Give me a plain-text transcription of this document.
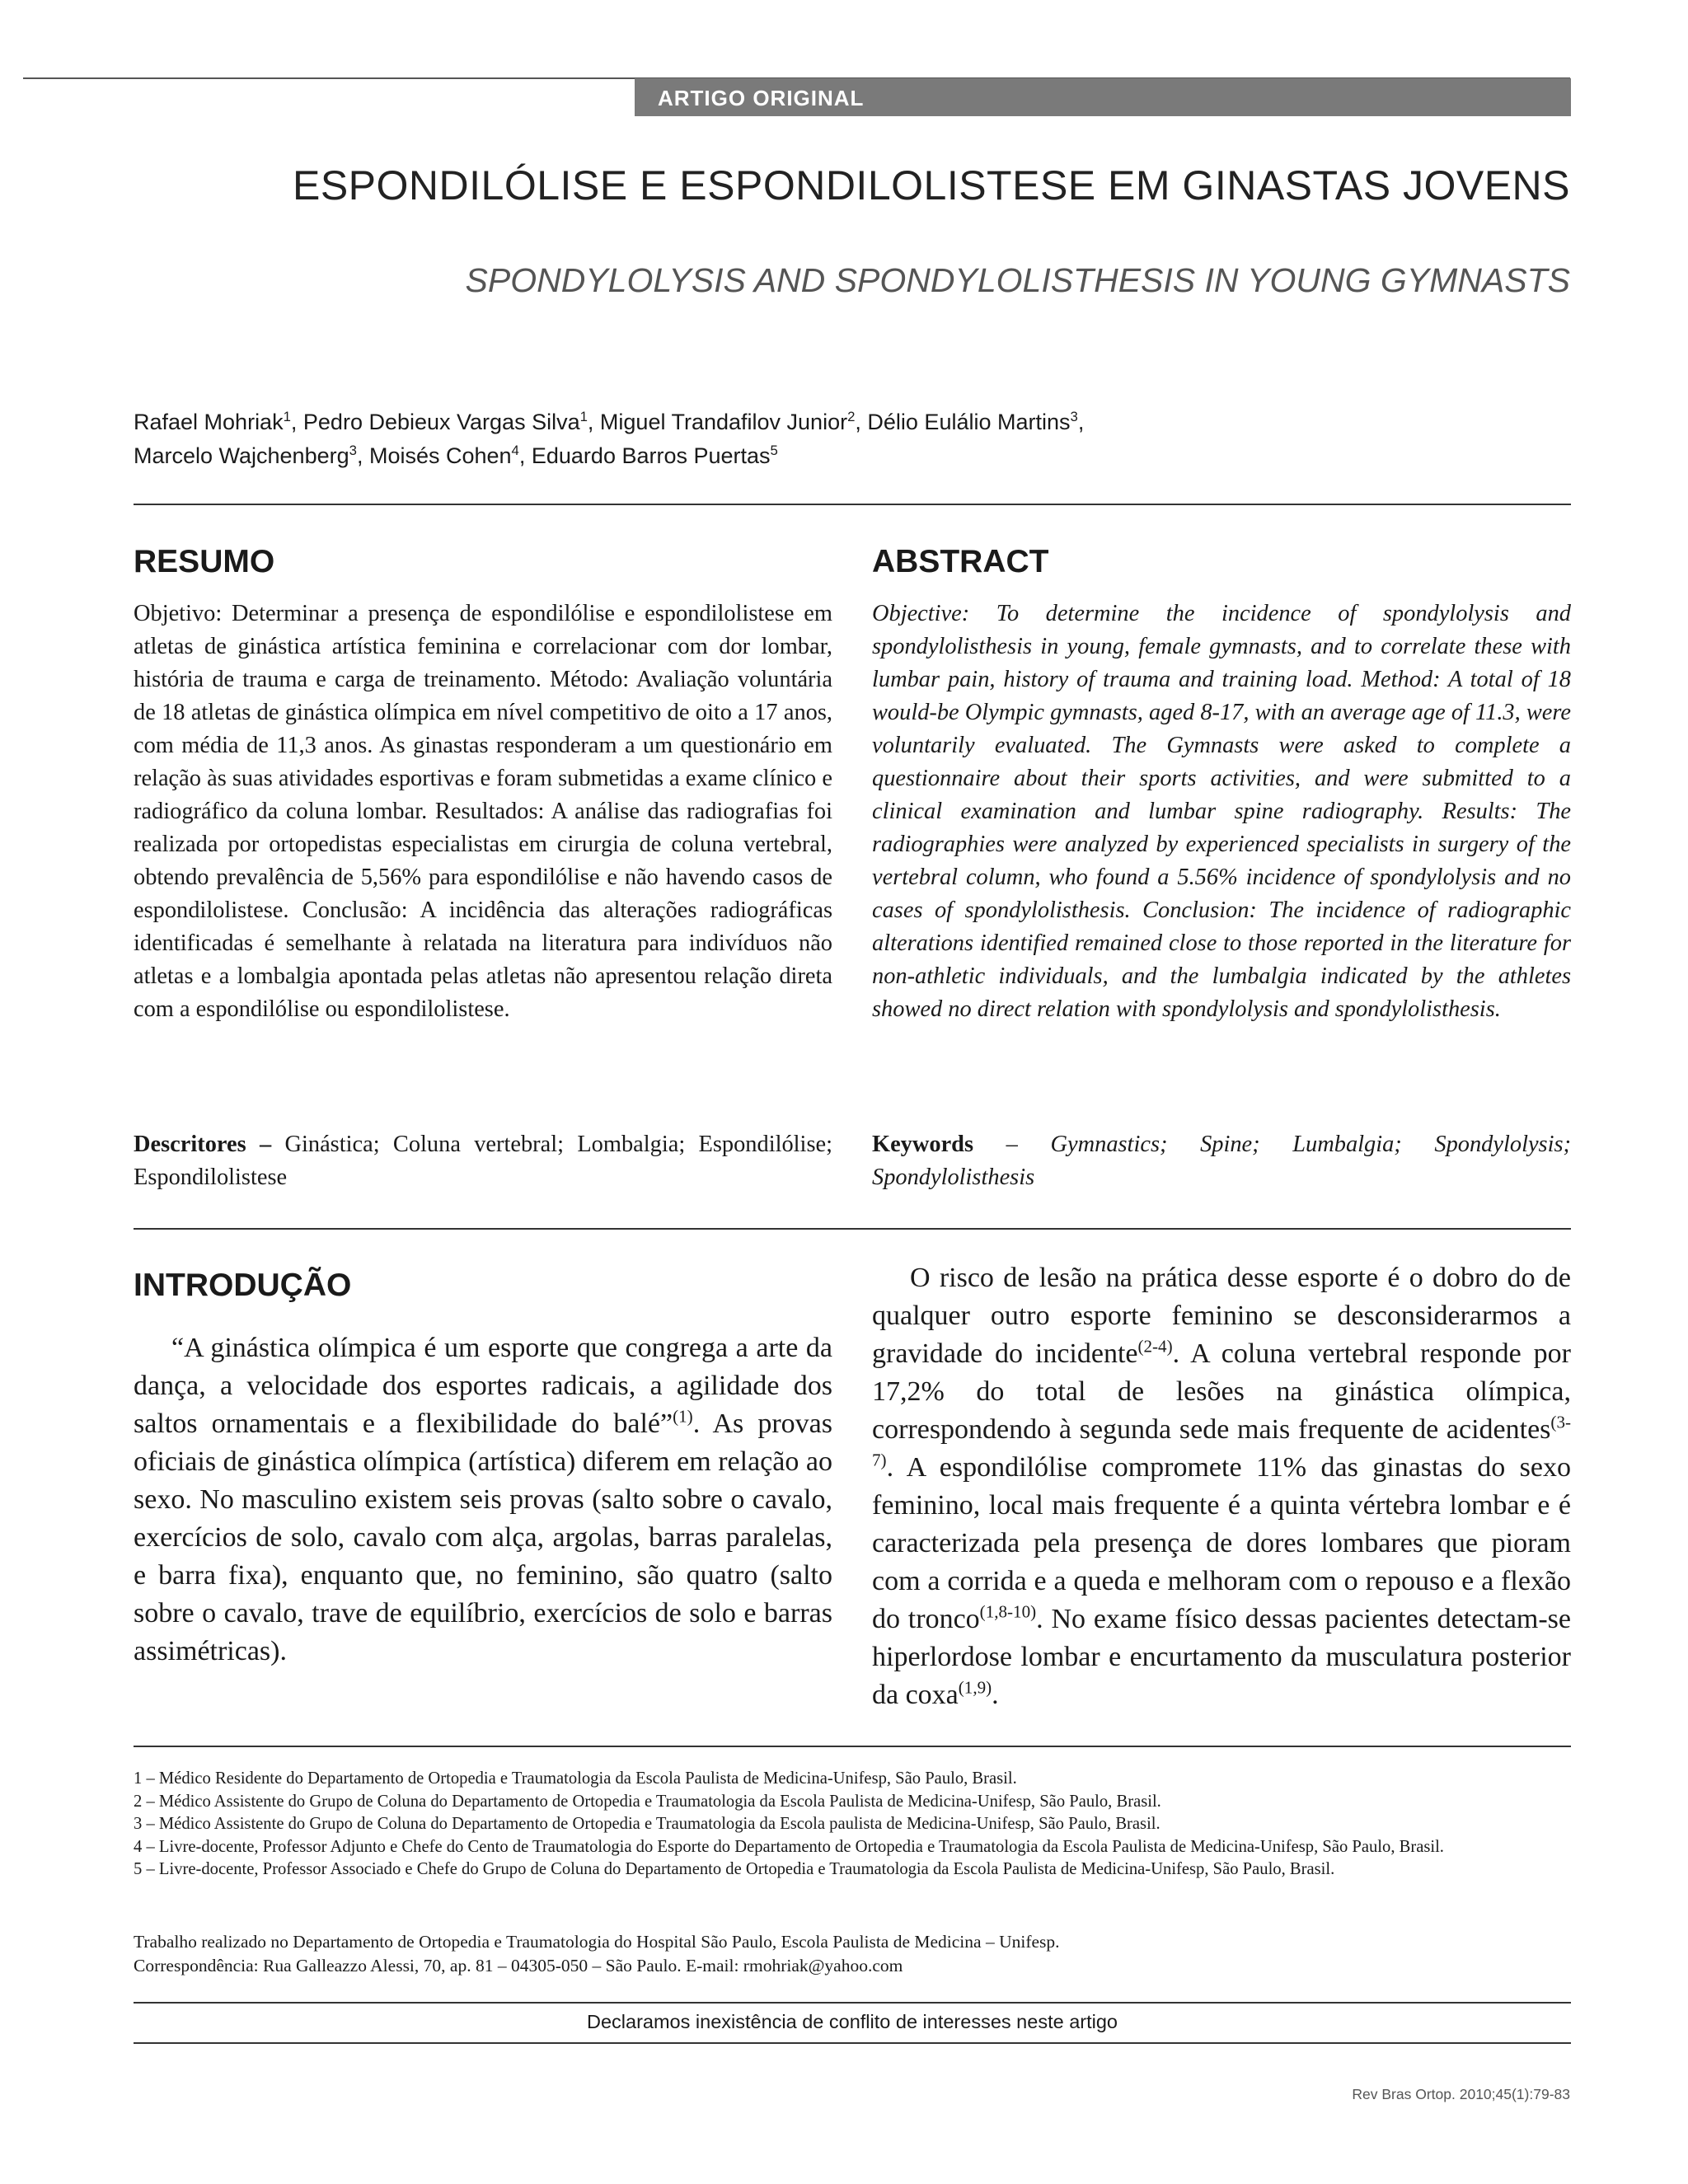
ARTIGO ORIGINAL
ESPONDILÓLISE E ESPONDILOLISTESE EM GINASTAS JOVENS
SPONDYLOLYSIS AND SPONDYLOLISTHESIS IN YOUNG GYMNASTS
Rafael Mohriak$^1$, Pedro Debieux Vargas Silva$^1$, Miguel Trandafilov Junior$^2$, Délio Eulálio Martins$^3$,
Marcelo Wajchenberg$^3$, Moisés Cohen$^4$, Eduardo Barros Puertas$^5$
RESUMO
Objetivo: Determinar a presença de espondilólise e espondilolistese em atletas de ginástica artística feminina e correlacionar com dor lombar, história de trauma e carga de treinamento. Método: Avaliação voluntária de 18 atletas de ginástica olímpica em nível competitivo de oito a 17 anos, com média de 11,3 anos. As ginastas responderam a um questionário em relação às suas atividades esportivas e foram submetidas a exame clínico e radiográfico da coluna lombar. Resultados: A análise das radiografias foi realizada por ortopedistas especialistas em cirurgia de coluna vertebral, obtendo prevalência de 5,56% para espondilólise e não havendo casos de espondilolistese. Conclusão: A incidência das alterações radiográficas identificadas é semelhante à relatada na literatura para indivíduos não atletas e a lombalgia apontada pelas atletas não apresentou relação direta com a espondilólise ou espondilolistese.
Descritores – Ginástica; Coluna vertebral; Lombalgia; Espondilólise; Espondilolistese
ABSTRACT
Objective: To determine the incidence of spondylolysis and spondylolisthesis in young, female gymnasts, and to correlate these with lumbar pain, history of trauma and training load. Method: A total of 18 would-be Olympic gymnasts, aged 8-17, with an average age of 11.3, were voluntarily evaluated. The Gymnasts were asked to complete a questionnaire about their sports activities, and were submitted to a clinical examination and lumbar spine radiography. Results: The radiographies were analyzed by experienced specialists in surgery of the vertebral column, who found a 5.56% incidence of spondylolysis and no cases of spondylolisthesis. Conclusion: The incidence of radiographic alterations identified remained close to those reported in the literature for non-athletic individuals, and the lumbalgia indicated by the athletes showed no direct relation with spondylolysis and spondylolisthesis.
Keywords – Gymnastics; Spine; Lumbalgia; Spondylolysis; Spondylolisthesis
INTRODUÇÃO

“A ginástica olímpica é um esporte que congrega a arte da dança, a velocidade dos esportes radicais, a agilidade dos saltos ornamentais e a flexibilidade do balé”$^{(1)}$. As provas oficiais de ginástica olímpica (artística) diferem em relação ao sexo. No masculino existem seis provas (salto sobre o cavalo, exercícios de solo, cavalo com alça, argolas, barras paralelas, e barra fixa), enquanto que, no feminino, são quatro (salto sobre o cavalo, trave de equilíbrio, exercícios de solo e barras assimétricas).

O risco de lesão na prática desse esporte é o dobro do de qualquer outro esporte feminino se desconsiderarmos a gravidade do incidente$^{(2-4)}$. A coluna vertebral responde por 17,2% do total de lesões na ginástica olímpica, correspondendo à segunda sede mais frequente de acidentes$^{(3-7)}$. A espondilólise compromete 11% das ginastas do sexo feminino, local mais frequente é a quinta vértebra lombar e é caracterizada pela presença de dores lombares que pioram com a corrida e a queda e melhoram com o repouso e a flexão do tronco$^{(1,8-10)}$. No exame físico dessas pacientes detectam-se hiperlordose lombar e encurtamento da musculatura posterior da coxa$^{(1,9)}$.

1 – Médico Residente do Departamento de Ortopedia e Traumatologia da Escola Paulista de Medicina-Unifesp, São Paulo, Brasil.
2 – Médico Assistente do Grupo de Coluna do Departamento de Ortopedia e Traumatologia da Escola Paulista de Medicina-Unifesp, São Paulo, Brasil.
3 – Médico Assistente do Grupo de Coluna do Departamento de Ortopedia e Traumatologia da Escola paulista de Medicina-Unifesp, São Paulo, Brasil.
4 – Livre-docente, Professor Adjunto e Chefe do Cento de Traumatologia do Esporte do Departamento de Ortopedia e Traumatologia da Escola Paulista de Medicina-Unifesp, São Paulo, Brasil.
5 – Livre-docente, Professor Associado e Chefe do Grupo de Coluna do Departamento de Ortopedia e Traumatologia da Escola Paulista de Medicina-Unifesp, São Paulo, Brasil.
Trabalho realizado no Departamento de Ortopedia e Traumatologia do Hospital São Paulo, Escola Paulista de Medicina – Unifesp.
Correspondência: Rua Galleazzo Alessi, 70, ap. 81 – 04305-050 – São Paulo. E-mail: rmohriak@yahoo.com
Declaramos inexistência de conflito de interesses neste artigo
Rev Bras Ortop. 2010;45(1):79-83
